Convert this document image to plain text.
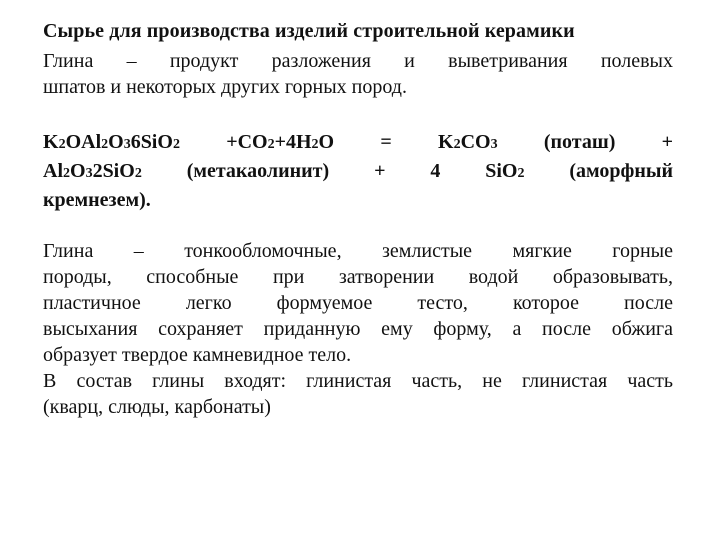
Сырье для производства изделий строительной керамики

Глина – продукт разложения и выветривания полевых
шпатов и некоторых других горных пород.
K2OAl2O36SiO2 +CO2+4H2O = K2CO3 (поташ) +
Al2O32SiO2 (метакаолинит) + 4 SiO2 (аморфный
кремнезем).
Глина – тонкообломочные, землистые мягкие горные
породы, способные при затворении водой образовывать,
пластичное легко формуемое тесто, которое после
высыхания сохраняет приданную ему форму, а после обжига
образует твердое камневидное тело.
В состав глины входят: глинистая часть, не глинистая часть
(кварц, слюды, карбонаты)
